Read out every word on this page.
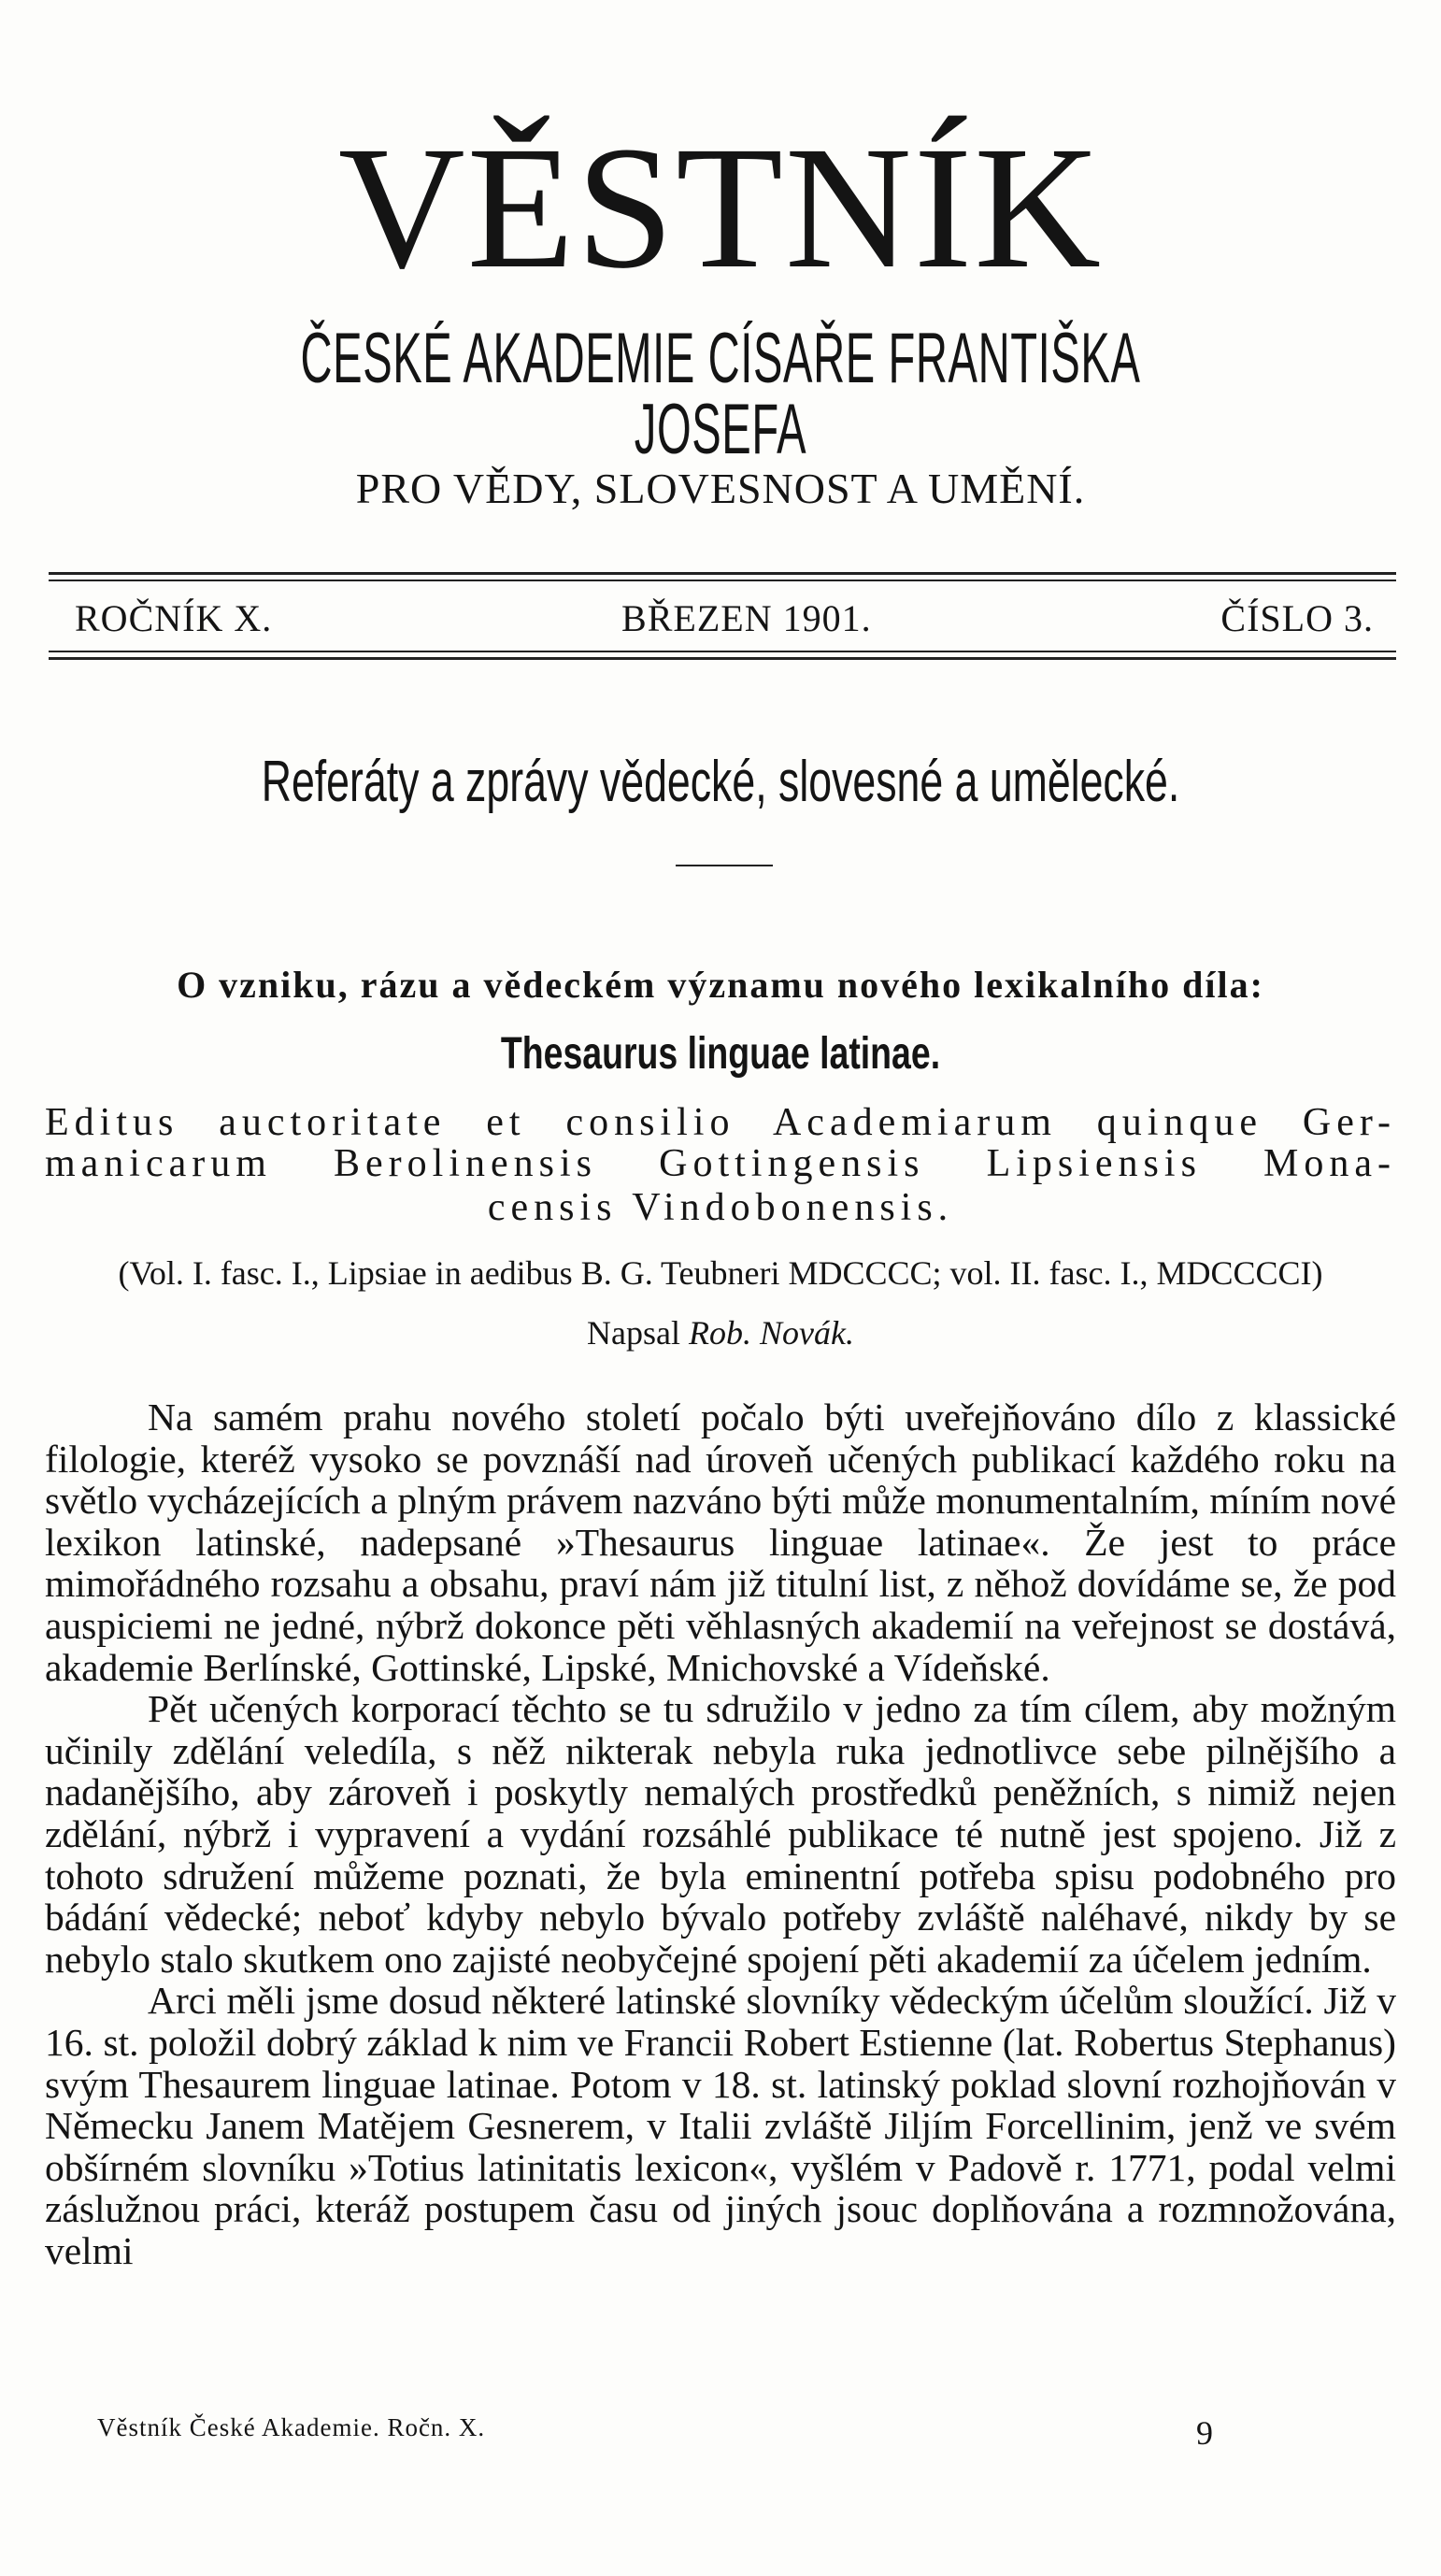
VĚSTNÍK
ČESKÉ AKADEMIE CÍSAŘE FRANTIŠKA JOSEFA
PRO VĚDY, SLOVESNOST A UMĚNÍ.
ROČNÍK X.	BŘEZEN 1901.	ČÍSLO 3.
Referáty a zprávy vědecké, slovesné a umělecké.
O vzniku, rázu a vědeckém významu nového lexikalního díla:
Thesaurus linguae latinae.
Editus auctoritate et consilio Academiarum quinque Ger-
manicarum Berolinensis Gottingensis Lipsiensis Mona-
censis Vindobonensis.
(Vol. I. fasc. I., Lipsiae in aedibus B. G. Teubneri MDCCCC; vol. II. fasc. I., MDCCCCI)
Napsal Rob. Novák.

Na samém prahu nového století počalo býti uveřejňováno dílo z klassické filologie, kteréž vysoko se povznáší nad úroveň učených publikací každého roku na světlo vycházejících a plným právem nazváno býti může monumentalním, míním nové lexikon latinské, nadepsané »Thesaurus linguae latinae«. Že jest to práce mimořádného rozsahu a obsahu, praví nám již titulní list, z něhož dovídáme se, že pod auspiciemi ne jedné, nýbrž dokonce pěti věhlasných akademií na veřejnost se dostává, akademie Berlínské, Gottinské, Lipské, Mnichovské a Vídeňské.

Pět učených korporací těchto se tu sdružilo v jedno za tím cílem, aby možným učinily zdělání veledíla, s něž nikterak nebyla ruka jednotlivce sebe pilnějšího a nadanějšího, aby zároveň i poskytly nemalých prostředků peněžních, s nimiž nejen zdělání, nýbrž i vypravení a vydání rozsáhlé publikace té nutně jest spojeno. Již z tohoto sdružení můžeme poznati, že byla eminentní potřeba spisu podobného pro bádání vědecké; neboť kdyby nebylo bývalo potřeby zvláště naléhavé, nikdy by se nebylo stalo skutkem ono zajisté neobyčejné spojení pěti akademií za účelem jedním.

Arci měli jsme dosud některé latinské slovníky vědeckým účelům sloužící. Již v 16. st. položil dobrý základ k nim ve Francii Robert Estienne (lat. Robertus Stephanus) svým Thesaurem linguae latinae. Potom v 18. st. latinský poklad slovní rozhojňován v Německu Janem Matějem Gesnerem, v Italii zvláště Jiljím Forcellinim, jenž ve svém obšírném slovníku »Totius latinitatis lexicon«, vyšlém v Padově r. 1771, podal velmi záslužnou práci, kteráž postupem času od jiných jsouc doplňována a rozmnožována, velmi

Věstník České Akademie. Ročn. X.	9
